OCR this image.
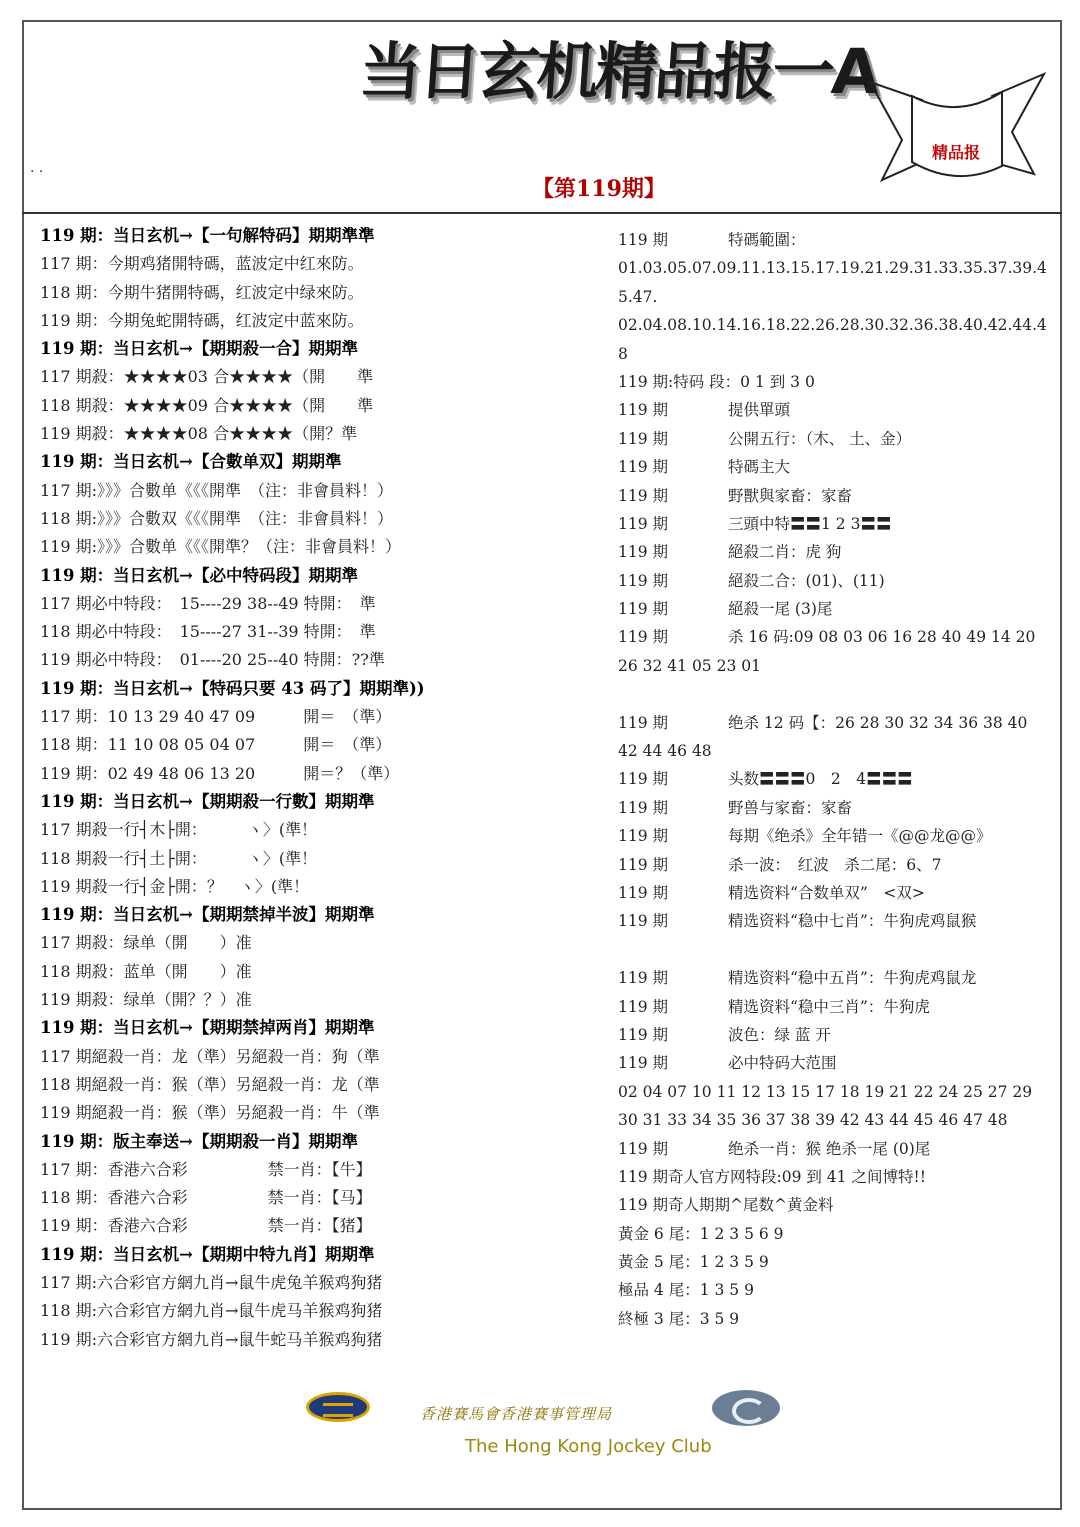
当日玄机精品报一A
. .
精品报
【第119期】
119 期：当日玄机→【一句解特码】期期準準
117 期：今期鸡猪開特碼，蓝波定中红來防。
118 期：今期牛猪開特碼，红波定中绿來防。
119 期：今期兔蛇開特碼，红波定中蓝來防。
119 期：当日玄机→【期期殺一合】期期準
117 期殺：★★★★03 合★★★★（開　　準
118 期殺：★★★★09 合★★★★（開　　準
119 期殺：★★★★08 合★★★★（開？準
119 期：当日玄机→【合數单双】期期準
117 期:》》》合數单《《《開準　（注：非會員料！）
118 期:》》》合數双《《《開準　（注：非會員料！）
119 期:》》》合數单《《《開準？（注：非會員料！）
119 期：当日玄机→【必中特码段】期期準
117 期必中特段：　15----29 38--49 特開：　準
118 期必中特段：　15----27 31--39 特開：　準
119 期必中特段：　01----20 25--40 特開：??準
119 期：当日玄机→【特码只要 43 码了】期期準))
117 期：10 13 29 40 47 09　　　開＝　（準）
118 期：11 10 08 05 04 07　　　開＝　（準）
119 期：02 49 48 06 13 20　　　開＝？（準）
119 期：当日玄机→【期期殺一行數】期期準
117 期殺一行┤木├開：　　　ヽ〉(準！
118 期殺一行┤土├開：　　　ヽ〉(準！
119 期殺一行┤金├開：？　ヽ〉(準！
119 期：当日玄机→【期期禁掉半波】期期準
117 期殺：绿单（開　　）准
118 期殺：蓝单（開　　）准
119 期殺：绿单（開？？）准
119 期：当日玄机→【期期禁掉两肖】期期準
117 期絕殺一肖：龙（準）另絕殺一肖：狗（準
118 期絕殺一肖：猴（準）另絕殺一肖：龙（準
119 期絕殺一肖：猴（準）另絕殺一肖：牛（準
119 期：版主奉送→【期期殺一肖】期期準
117 期：香港六合彩　　　　　禁一肖：【牛】
118 期：香港六合彩　　　　　禁一肖：【马】
119 期：香港六合彩　　　　　禁一肖：【猪】
119 期：当日玄机→【期期中特九肖】期期準
117 期:六合彩官方網九肖→鼠牛虎兔羊猴鸡狗猪
118 期:六合彩官方網九肖→鼠牛虎马羊猴鸡狗猪
119 期:六合彩官方網九肖→鼠牛蛇马羊猴鸡狗猪
119 期	特碼範圍：
01.03.05.07.09.11.13.15.17.19.21.29.31.33.35.37.39.4
5.47.
02.04.08.10.14.16.18.22.26.28.30.32.36.38.40.42.44.4
8
119 期:特码 段：0 1 到 3 0
119 期	提供單頭
119 期	公開五行：（木、 土、金）
119 期	特碼主大
119 期	野獸與家畜：家畜
119 期	三頭中特〓〓1 2 3〓〓
119 期	絕殺二肖：虎 狗
119 期	絕殺二合：(01)、(11)
119 期	絕殺一尾 (3)尾
119 期	杀 16 码:09 08 03 06 16 28 40 49 14 20
26 32 41 05 23 01
119 期	绝杀 12 码【：26 28 30 32 34 36 38 40
42 44 46 48
119 期	头数〓〓〓0　2　4〓〓〓
119 期	野兽与家畜：家畜
119 期	每期《绝杀》全年错一《@@龙@@》
119 期	杀一波：　红波　杀二尾：6、7
119 期	精选资料“合数单双”　<双>
119 期	精选资料“稳中七肖”：牛狗虎鸡鼠猴
119 期	精选资料“稳中五肖”：牛狗虎鸡鼠龙
119 期	精选资料“稳中三肖”：牛狗虎
119 期	波色：绿 蓝 开
119 期	必中特码大范围
02 04 07 10 11 12 13 15 17 18 19 21 22 24 25 27 29
30 31 33 34 35 36 37 38 39 42 43 44 45 46 47 48
119 期	绝杀一肖：猴 绝杀一尾 (0)尾
119 期奇人官方网特段:09 到 41 之间博特!!
119 期奇人期期^尾数^黄金料
黃金 6 尾：1 2 3 5 6 9
黃金 5 尾：1 2 3 5 9
極品 4 尾：1 3 5 9
終極 3 尾：3 5 9
香港賽馬會香港賽事管理局
The Hong Kong Jockey Club
